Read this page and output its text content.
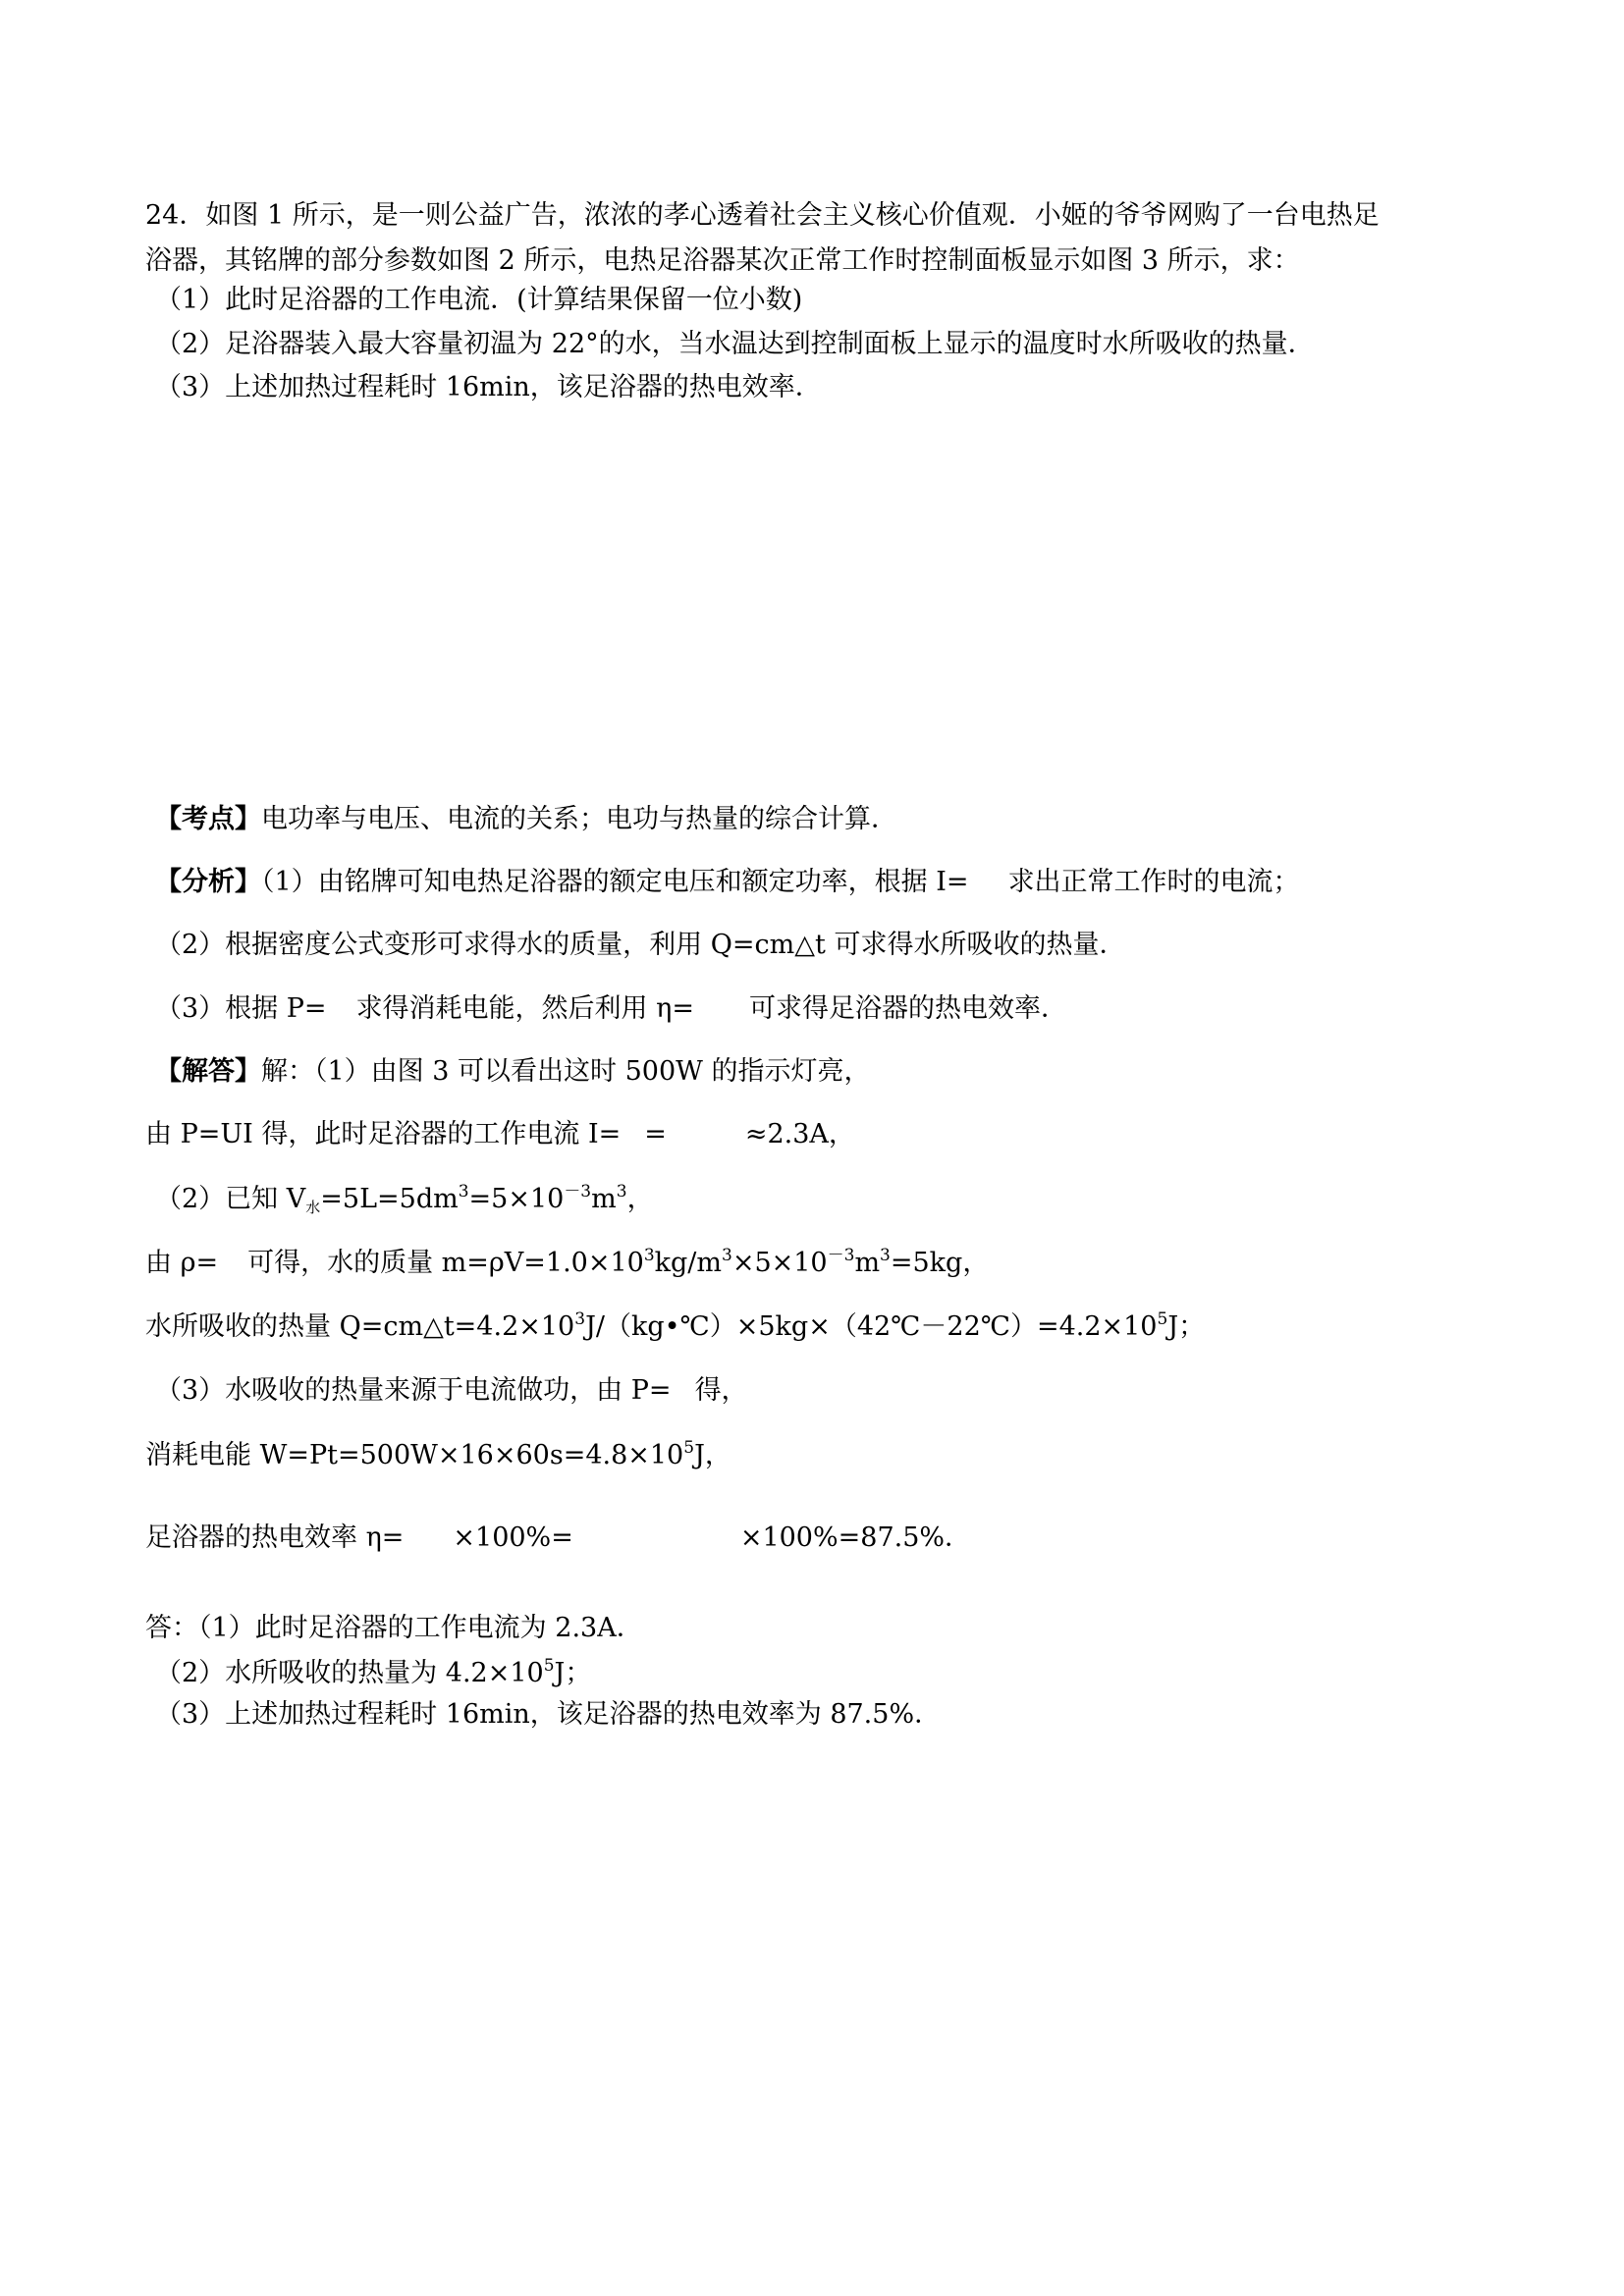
24．如图 1 所示，是一则公益广告，浓浓的孝心透着社会主义核心价值观．小姬的爷爷网购了一台电热足
浴器，其铭牌的部分参数如图 2 所示，电热足浴器某次正常工作时控制面板显示如图 3 所示，求：
（1）此时足浴器的工作电流．(计算结果保留一位小数)
（2）足浴器装入最大容量初温为 22°的水，当水温达到控制面板上显示的温度时水所吸收的热量．
（3）上述加热过程耗时 16min，该足浴器的热电效率．
【考点】电功率与电压、电流的关系；电功与热量的综合计算．
【分析】（1）由铭牌可知电热足浴器的额定电压和额定功率，根据 I= 求出正常工作时的电流；
（2）根据密度公式变形可求得水的质量，利用 Q=cm△t 可求得水所吸收的热量．
（3）根据 P= 求得消耗电能，然后利用 η= 可求得足浴器的热电效率．
【解答】解：（1）由图 3 可以看出这时 500W 的指示灯亮，
由 P=UI 得，此时足浴器的工作电流 I= =	≈2.3A，
（2）已知 $V_水=5L=5dm^3=5\times 10^{-3}m^3$，
由 ρ= 可得，水的质量 $m=\rho V=1.0\times 10^3kg/m^3\times 5\times 10^{-3}m^3=5kg$，
水所吸收的热量 $Q=cm\triangle t=4.2\times 10^3J/(kg•℃)\times 5kg\times(42℃-22℃)=4.2\times 10^5J$；
（3）水吸收的热量来源于电流做功，由 P= 得，
消耗电能 $W=Pt=500W\times 16\times 60s=4.8\times 10^5J$，
足浴器的热电效率 η= ×100%=	×100%=87.5%．
答：（1）此时足浴器的工作电流为 2.3A．
（2）水所吸收的热量为 $4.2\times 10^5J$；
（3）上述加热过程耗时 16min，该足浴器的热电效率为 87.5%．
